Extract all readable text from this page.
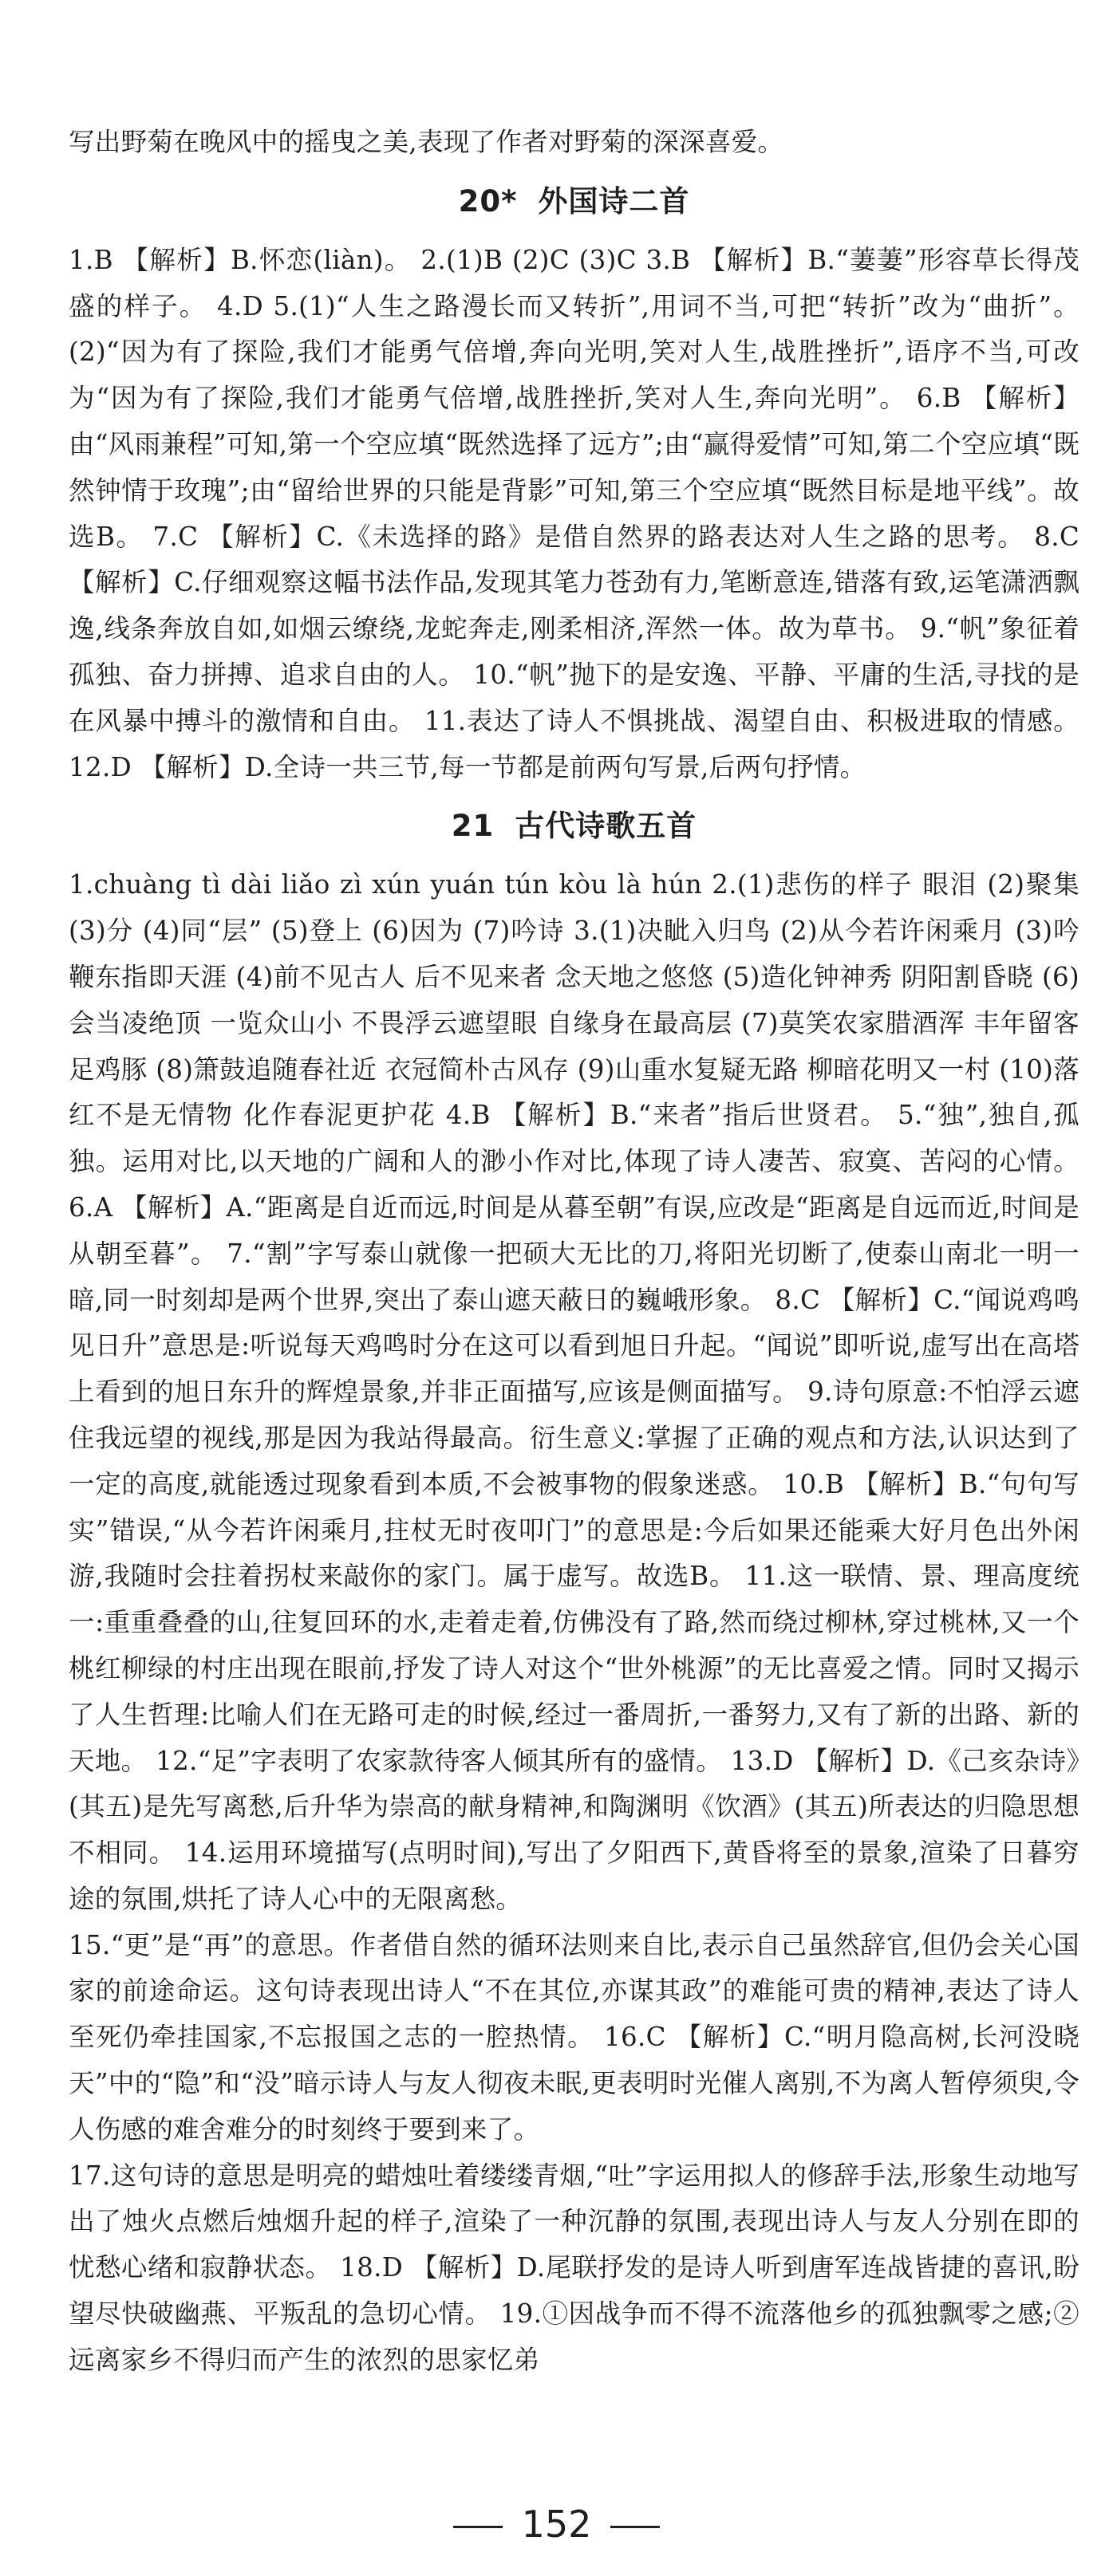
写出野菊在晚风中的摇曳之美,表现了作者对野菊的深深喜爱。

20* 外国诗二首

1.B 【解析】B.怀恋(liàn)。 2.(1)B (2)C (3)C 3.B 【解析】B.“萋萋”形容草长得茂盛的样子。 4.D 5.(1)“人生之路漫长而又转折”,用词不当,可把“转折”改为“曲折”。 (2)“因为有了探险,我们才能勇气倍增,奔向光明,笑对人生,战胜挫折”,语序不当,可改为“因为有了探险,我们才能勇气倍增,战胜挫折,笑对人生,奔向光明”。 6.B 【解析】由“风雨兼程”可知,第一个空应填“既然选择了远方”;由“赢得爱情”可知,第二个空应填“既然钟情于玫瑰”;由“留给世界的只能是背影”可知,第三个空应填“既然目标是地平线”。故选B。 7.C 【解析】C.《未选择的路》是借自然界的路表达对人生之路的思考。 8.C 【解析】C.仔细观察这幅书法作品,发现其笔力苍劲有力,笔断意连,错落有致,运笔潇洒飘逸,线条奔放自如,如烟云缭绕,龙蛇奔走,刚柔相济,浑然一体。故为草书。 9.“帆”象征着孤独、奋力拼搏、追求自由的人。 10.“帆”抛下的是安逸、平静、平庸的生活,寻找的是在风暴中搏斗的激情和自由。 11.表达了诗人不惧挑战、渴望自由、积极进取的情感。 12.D 【解析】D.全诗一共三节,每一节都是前两句写景,后两句抒情。

21 古代诗歌五首

1.chuàng tì dài liǎo zì xún yuán tún kòu là hún 2.(1)悲伤的样子 眼泪 (2)聚集 (3)分 (4)同“层” (5)登上 (6)因为 (7)吟诗 3.(1)决眦入归鸟 (2)从今若许闲乘月 (3)吟鞭东指即天涯 (4)前不见古人 后不见来者 念天地之悠悠 (5)造化钟神秀 阴阳割昏晓 (6)会当凌绝顶 一览众山小 不畏浮云遮望眼 自缘身在最高层 (7)莫笑农家腊酒浑 丰年留客足鸡豚 (8)箫鼓追随春社近 衣冠简朴古风存 (9)山重水复疑无路 柳暗花明又一村 (10)落红不是无情物 化作春泥更护花 4.B 【解析】B.“来者”指后世贤君。 5.“独”,独自,孤独。运用对比,以天地的广阔和人的渺小作对比,体现了诗人凄苦、寂寞、苦闷的心情。 6.A 【解析】A.“距离是自近而远,时间是从暮至朝”有误,应改是“距离是自远而近,时间是从朝至暮”。 7.“割”字写泰山就像一把硕大无比的刀,将阳光切断了,使泰山南北一明一暗,同一时刻却是两个世界,突出了泰山遮天蔽日的巍峨形象。 8.C 【解析】C.“闻说鸡鸣见日升”意思是:听说每天鸡鸣时分在这可以看到旭日升起。“闻说”即听说,虚写出在高塔上看到的旭日东升的辉煌景象,并非正面描写,应该是侧面描写。 9.诗句原意:不怕浮云遮住我远望的视线,那是因为我站得最高。衍生意义:掌握了正确的观点和方法,认识达到了一定的高度,就能透过现象看到本质,不会被事物的假象迷惑。 10.B 【解析】B.“句句写实”错误,“从今若许闲乘月,拄杖无时夜叩门”的意思是:今后如果还能乘大好月色出外闲游,我随时会拄着拐杖来敲你的家门。属于虚写。故选B。 11.这一联情、景、理高度统一:重重叠叠的山,往复回环的水,走着走着,仿佛没有了路,然而绕过柳林,穿过桃林,又一个桃红柳绿的村庄出现在眼前,抒发了诗人对这个“世外桃源”的无比喜爱之情。同时又揭示了人生哲理:比喻人们在无路可走的时候,经过一番周折,一番努力,又有了新的出路、新的天地。 12.“足”字表明了农家款待客人倾其所有的盛情。 13.D 【解析】D.《己亥杂诗》(其五)是先写离愁,后升华为崇高的献身精神,和陶渊明《饮酒》(其五)所表达的归隐思想不相同。 14.运用环境描写(点明时间),写出了夕阳西下,黄昏将至的景象,渲染了日暮穷途的氛围,烘托了诗人心中的无限离愁。

15.“更”是“再”的意思。作者借自然的循环法则来自比,表示自己虽然辞官,但仍会关心国家的前途命运。这句诗表现出诗人“不在其位,亦谋其政”的难能可贵的精神,表达了诗人至死仍牵挂国家,不忘报国之志的一腔热情。 16.C 【解析】C.“明月隐高树,长河没晓天”中的“隐”和“没”暗示诗人与友人彻夜未眠,更表明时光催人离别,不为离人暂停须臾,令人伤感的难舍难分的时刻终于要到来了。

17.这句诗的意思是明亮的蜡烛吐着缕缕青烟,“吐”字运用拟人的修辞手法,形象生动地写出了烛火点燃后烛烟升起的样子,渲染了一种沉静的氛围,表现出诗人与友人分别在即的忧愁心绪和寂静状态。 18.D 【解析】D.尾联抒发的是诗人听到唐军连战皆捷的喜讯,盼望尽快破幽燕、平叛乱的急切心情。 19.①因战争而不得不流落他乡的孤独飘零之感;②远离家乡不得归而产生的浓烈的思家忆弟

152
